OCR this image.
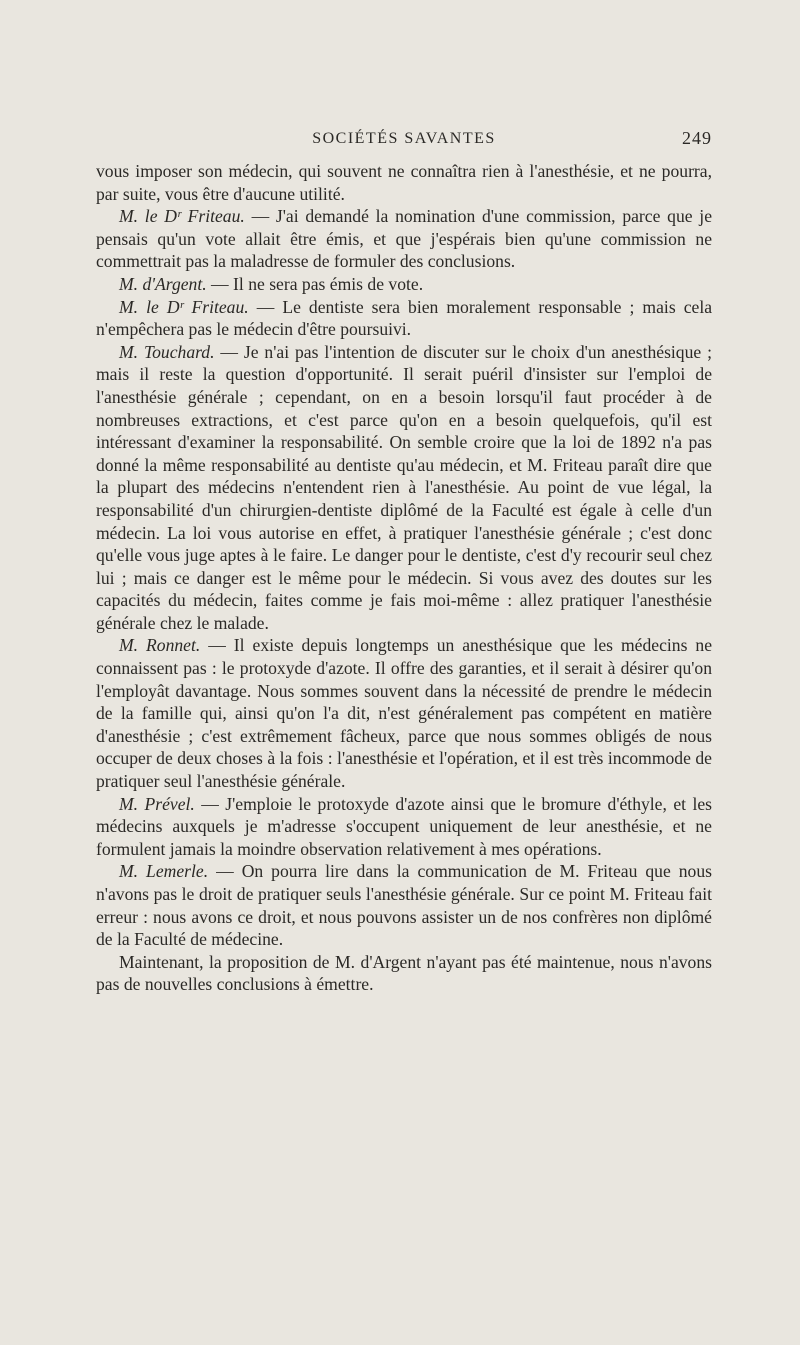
SOCIÉTÉS SAVANTES	249

vous imposer son médecin, qui souvent ne connaîtra rien à l'anesthésie, et ne pourra, par suite, vous être d'aucune utilité.

M. le Dʳ Friteau. — J'ai demandé la nomination d'une commission, parce que je pensais qu'un vote allait être émis, et que j'espérais bien qu'une commission ne commettrait pas la maladresse de formuler des conclusions.

M. d'Argent. — Il ne sera pas émis de vote.

M. le Dʳ Friteau. — Le dentiste sera bien moralement responsable ; mais cela n'empêchera pas le médecin d'être poursuivi.

M. Touchard. — Je n'ai pas l'intention de discuter sur le choix d'un anesthésique ; mais il reste la question d'opportunité. Il serait puéril d'insister sur l'emploi de l'anesthésie générale ; cependant, on en a besoin lorsqu'il faut procéder à de nombreuses extractions, et c'est parce qu'on en a besoin quelquefois, qu'il est intéressant d'examiner la responsabilité. On semble croire que la loi de 1892 n'a pas donné la même responsabilité au dentiste qu'au médecin, et M. Friteau paraît dire que la plupart des médecins n'entendent rien à l'anesthésie. Au point de vue légal, la responsabilité d'un chirurgien-dentiste diplômé de la Faculté est égale à celle d'un médecin. La loi vous autorise en effet, à pratiquer l'anesthésie générale ; c'est donc qu'elle vous juge aptes à le faire. Le danger pour le dentiste, c'est d'y recourir seul chez lui ; mais ce danger est le même pour le médecin. Si vous avez des doutes sur les capacités du médecin, faites comme je fais moi-même : allez pratiquer l'anesthésie générale chez le malade.

M. Ronnet. — Il existe depuis longtemps un anesthésique que les médecins ne connaissent pas : le protoxyde d'azote. Il offre des garanties, et il serait à désirer qu'on l'employât davantage. Nous sommes souvent dans la nécessité de prendre le médecin de la famille qui, ainsi qu'on l'a dit, n'est généralement pas compétent en matière d'anesthésie ; c'est extrêmement fâcheux, parce que nous sommes obligés de nous occuper de deux choses à la fois : l'anesthésie et l'opération, et il est très incommode de pratiquer seul l'anesthésie générale.

M. Prével. — J'emploie le protoxyde d'azote ainsi que le bromure d'éthyle, et les médecins auxquels je m'adresse s'occupent uniquement de leur anesthésie, et ne formulent jamais la moindre observation relativement à mes opérations.

M. Lemerle. — On pourra lire dans la communication de M. Friteau que nous n'avons pas le droit de pratiquer seuls l'anesthésie générale. Sur ce point M. Friteau fait erreur : nous avons ce droit, et nous pouvons assister un de nos confrères non diplômé de la Faculté de médecine.

Maintenant, la proposition de M. d'Argent n'ayant pas été maintenue, nous n'avons pas de nouvelles conclusions à émettre.
